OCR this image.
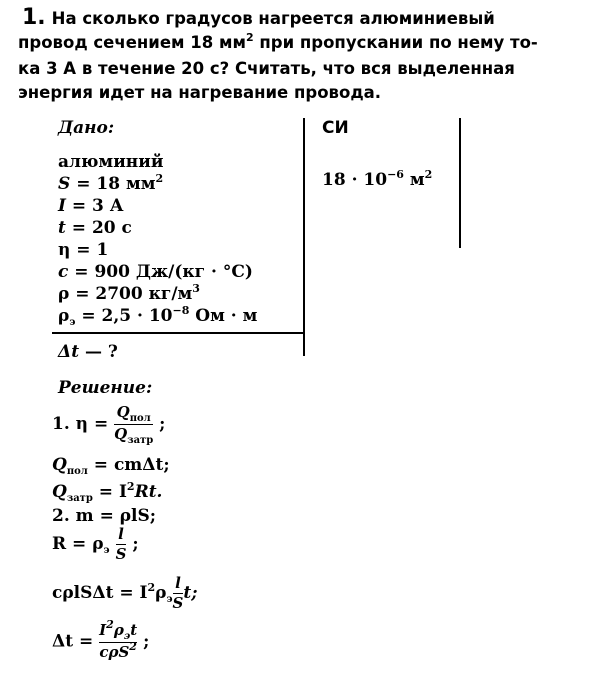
1. На сколько градусов нагреется алюминиевый
провод сечением 18 $мм^2$ при пропускании по нему то-
ка 3 А в течение 20 с? Считать, что вся выделенная
энергия идет на нагревание провода.
Дано:
алюминий
S = 18 $мм^2$
I = 3 А
t = 20 с
η = 1
c = 900 Дж/(кг · °С)
ρ = 2700 $кг/м^3$
$\rho_э = 2,5 \cdot 10^{-8}$ Ом · м
Δt — ?
СИ
$18 \cdot 10^{-6}$ $м^2$
Решение:
1. $\eta = \frac{Q_{пол}}{Q_{затр}}$ ;
$Q_{пол} = cm\Delta t$;
$Q_{затр} = I^2Rt$.
2. m = ρlS;
$R = \rho_э \frac{l}{S}$ ;
$c\rho lS\Delta t = I^2\rho_э \frac{l}{S} t$;
$\Delta t = \frac{I^2\rho_эt}{c\rho S^2}$ ;
